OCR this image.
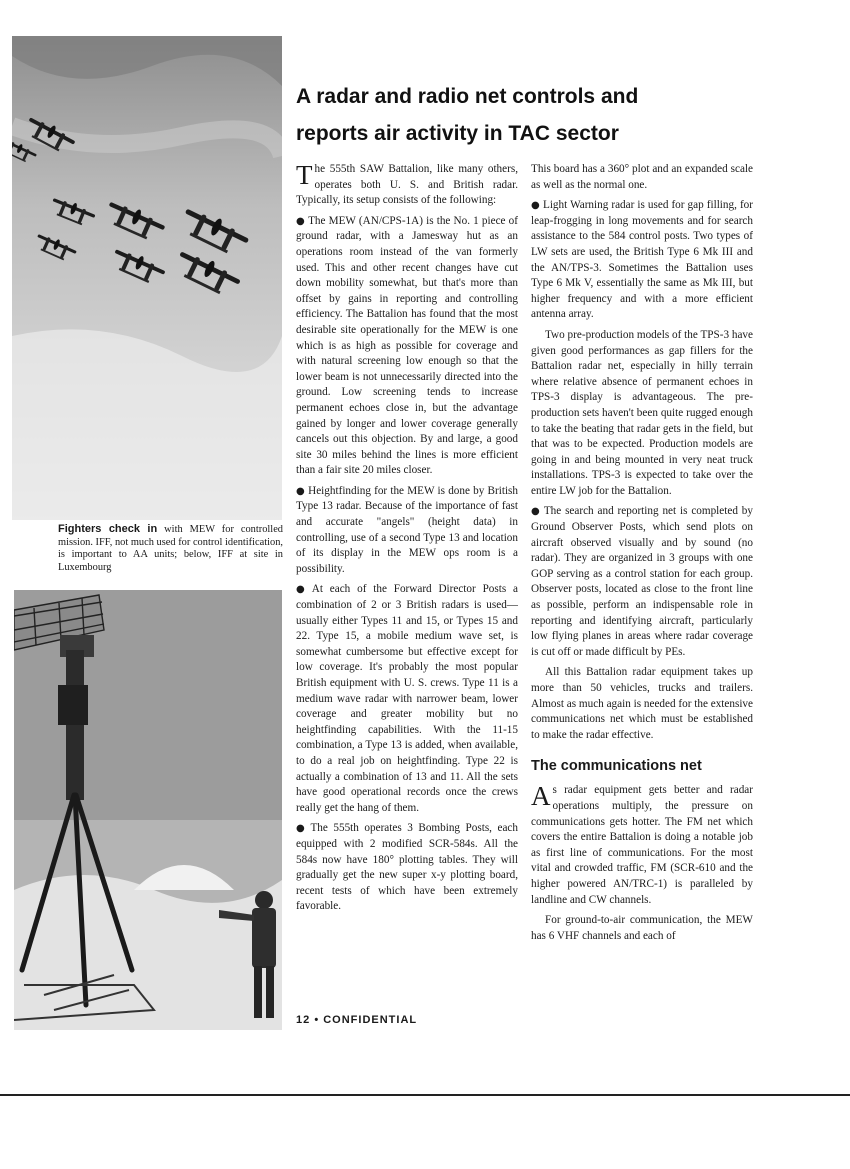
Fighters check in with MEW for controlled mission. IFF, not much used for control identification, is important to AA units; below, IFF at site in Luxembourg
A radar and radio net controls and
reports air activity in TAC sector

The 555th SAW Battalion, like many others, operates both U. S. and British radar. Typically, its setup consists of the following:

● The MEW (AN/CPS-1A) is the No. 1 piece of ground radar, with a Jamesway hut as an operations room instead of the van formerly used. This and other recent changes have cut down mobility somewhat, but that's more than offset by gains in reporting and controlling efficiency. The Battalion has found that the most desirable site operationally for the MEW is one which is as high as possible for coverage and with natural screening low enough so that the lower beam is not unnecessarily directed into the ground. Low screening tends to increase permanent echoes close in, but the advantage gained by longer and lower coverage generally cancels out this objection. By and large, a good site 30 miles behind the lines is more efficient than a fair site 20 miles closer.

● Heightfinding for the MEW is done by British Type 13 radar. Because of the importance of fast and accurate "angels" (height data) in controlling, use of a second Type 13 and location of its display in the MEW ops room is a possibility.

● At each of the Forward Director Posts a combination of 2 or 3 British radars is used—usually either Types 11 and 15, or Types 15 and 22. Type 15, a mobile medium wave set, is somewhat cumbersome but effective except for low coverage. It's probably the most popular British equipment with U. S. crews. Type 11 is a medium wave radar with narrower beam, lower coverage and greater mobility but no heightfinding capabilities. With the 11-15 combination, a Type 13 is added, when available, to do a real job on heightfinding. Type 22 is actually a combination of 13 and 11. All the sets have good operational records once the crews really get the hang of them.

● The 555th operates 3 Bombing Posts, each equipped with 2 modified SCR-584s. All the 584s now have 180° plotting tables. They will gradually get the new super x-y plotting board, recent tests of which have been extremely favorable.

This board has a 360° plot and an expanded scale as well as the normal one.

● Light Warning radar is used for gap filling, for leap-frogging in long movements and for search assistance to the 584 control posts. Two types of LW sets are used, the British Type 6 Mk III and the AN/TPS-3. Sometimes the Battalion uses Type 6 Mk V, essentially the same as Mk III, but higher frequency and with a more efficient antenna array.

Two pre-production models of the TPS-3 have given good performances as gap fillers for the Battalion radar net, especially in hilly terrain where relative absence of permanent echoes in TPS-3 display is advantageous. The pre-production sets haven't been quite rugged enough to take the beating that radar gets in the field, but that was to be expected. Production models are going in and being mounted in very neat truck installations. TPS-3 is expected to take over the entire LW job for the Battalion.

● The search and reporting net is completed by Ground Observer Posts, which send plots on aircraft observed visually and by sound (no radar). They are organized in 3 groups with one GOP serving as a control station for each group. Observer posts, located as close to the front line as possible, perform an indispensable role in reporting and identifying aircraft, particularly low flying planes in areas where radar coverage is cut off or made difficult by PEs.

All this Battalion radar equipment takes up more than 50 vehicles, trucks and trailers. Almost as much again is needed for the extensive communications net which must be established to make the radar effective.

The communications net

As radar equipment gets better and radar operations multiply, the pressure on communications gets hotter. The FM net which covers the entire Battalion is doing a notable job as first line of communications. For the most vital and crowded traffic, FM (SCR-610 and the higher powered AN/TRC-1) is paralleled by landline and CW channels.

For ground-to-air communication, the MEW has 6 VHF channels and each of

12 • CONFIDENTIAL
